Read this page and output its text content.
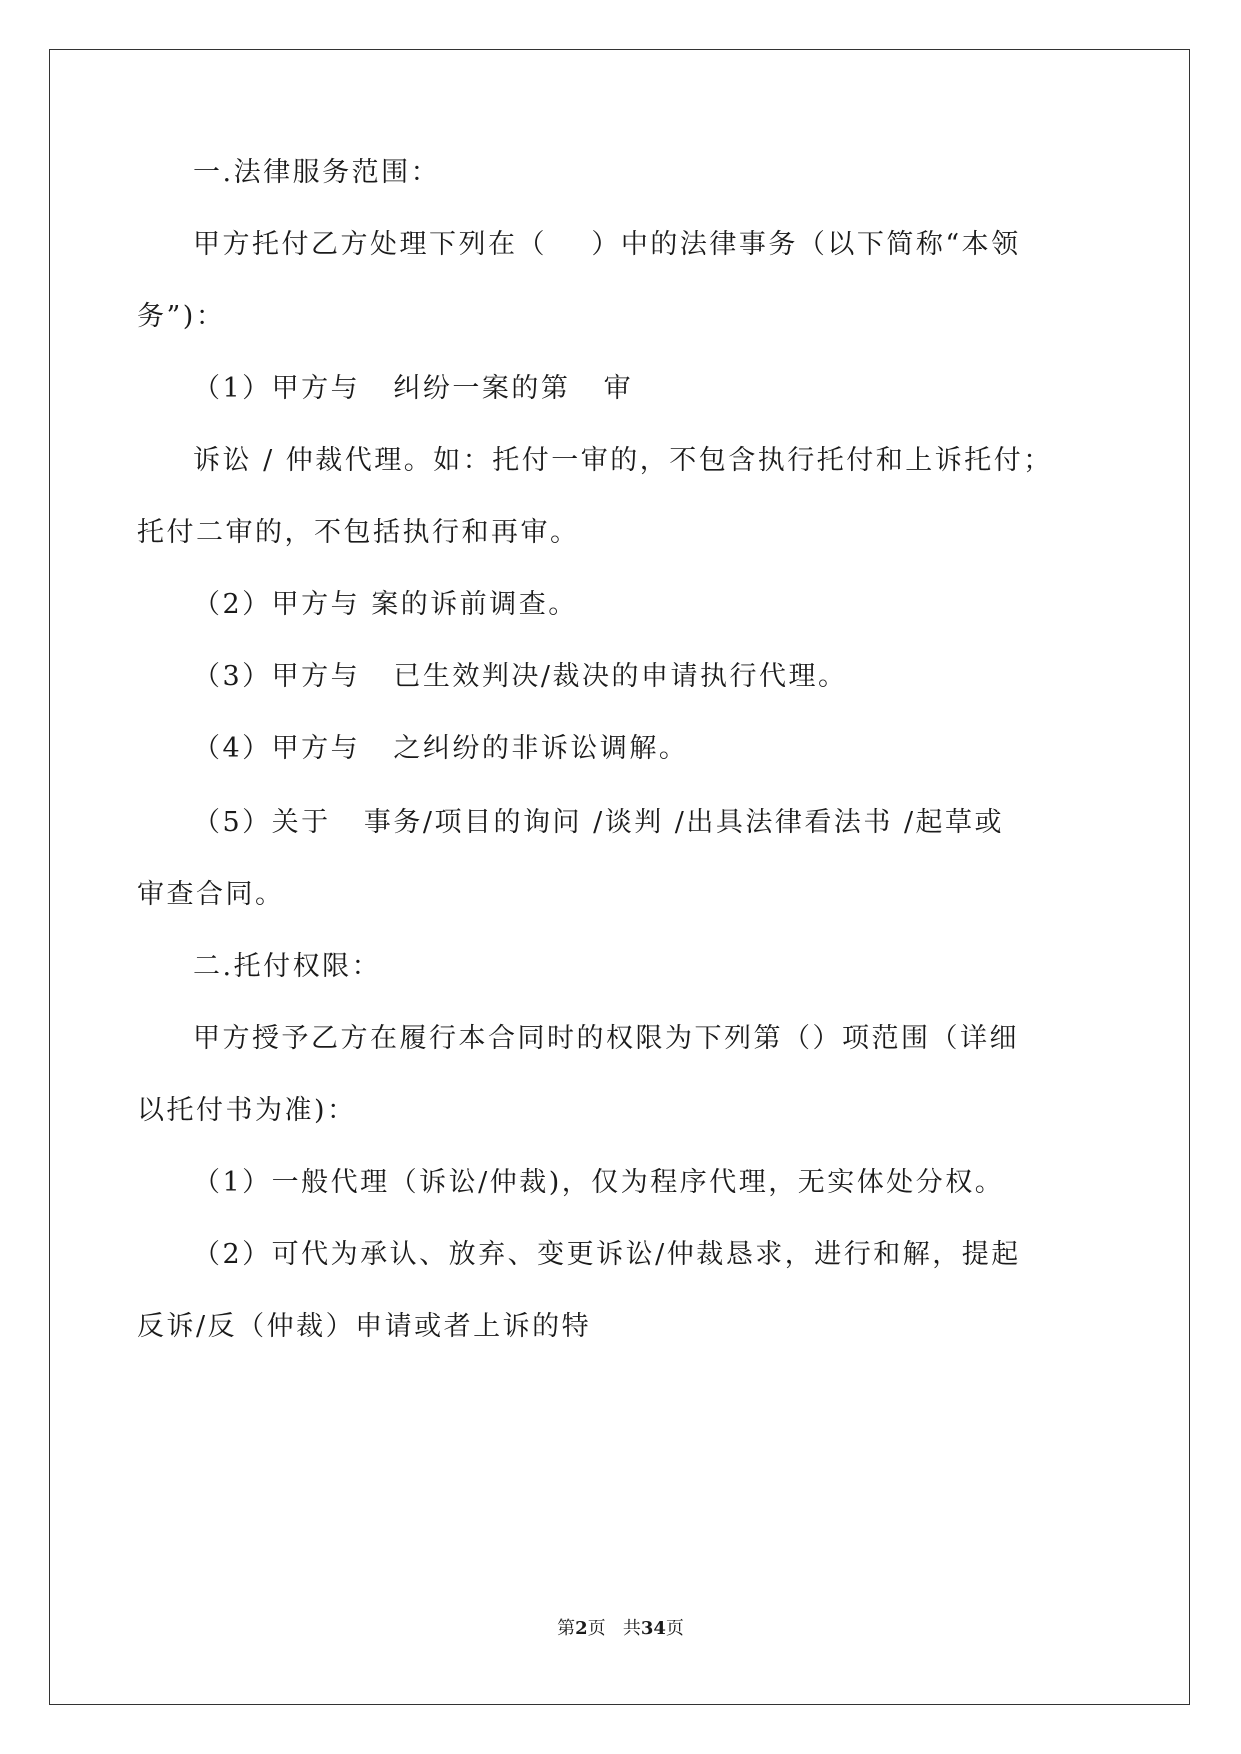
一.法律服务范围：
甲方托付乙方处理下列在（    ）中的法律事务（以下简称“本领
务”)：
（1）甲方与   纠纷一案的第   审
诉讼 / 仲裁代理。如：托付一审的，不包含执行托付和上诉托付；
托付二审的，不包括执行和再审。
（2）甲方与 案的诉前调查。
（3）甲方与   已生效判决/裁决的申请执行代理。
（4）甲方与   之纠纷的非诉讼调解。
（5）关于   事务/项目的询问 /谈判 /出具法律看法书 /起草或
审查合同。
二.托付权限：
甲方授予乙方在履行本合同时的权限为下列第（）项范围（详细
以托付书为准)：
（1）一般代理（诉讼/仲裁)，仅为程序代理，无实体处分权。
（2）可代为承认、放弃、变更诉讼/仲裁恳求，进行和解，提起
反诉/反（仲裁）申请或者上诉的特
第2页 共34页
